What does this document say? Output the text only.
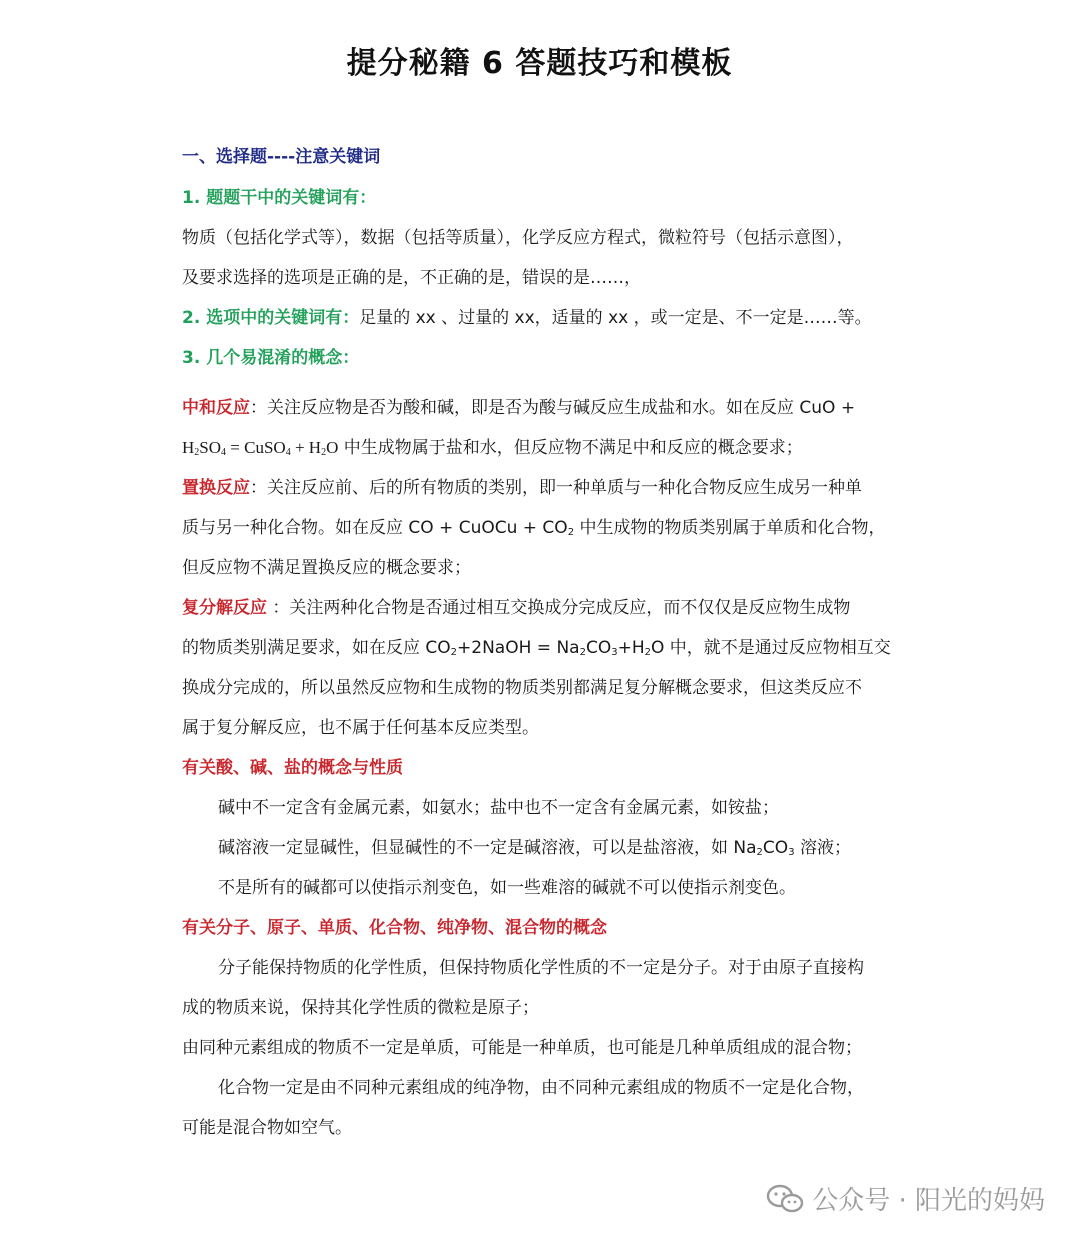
提分秘籍 6 答题技巧和模板
一、选择题----注意关键词
1. 题题干中的关键词有：
物质（包括化学式等），数据（包括等质量），化学反应方程式，微粒符号（包括示意图），
及要求选择的选项是正确的是，不正确的是，错误的是……，
2. 选项中的关键词有：足量的 xx 、过量的 xx，适量的 xx ，或一定是、不一定是……等。
3. 几个易混淆的概念：
中和反应：关注反应物是否为酸和碱，即是否为酸与碱反应生成盐和水。如在反应 CuO +
$H_2SO_4$ = CuSO$_4$ + $H_2O$ 中生成物属于盐和水，但反应物不满足中和反应的概念要求；
置换反应：关注反应前、后的所有物质的类别，即一种单质与一种化合物反应生成另一种单
质与另一种化合物。如在反应 CO + CuOCu + $CO_2$ 中生成物的物质类别属于单质和化合物，
但反应物不满足置换反应的概念要求；
复分解反应 ：关注两种化合物是否通过相互交换成分完成反应，而不仅仅是反应物生成物
的物质类别满足要求，如在反应 $CO_2+2NaOH = Na_2CO_3+H_2O$ 中，就不是通过反应物相互交
换成分完成的，所以虽然反应物和生成物的物质类别都满足复分解概念要求，但这类反应不
属于复分解反应，也不属于任何基本反应类型。
有关酸、碱、盐的概念与性质
碱中不一定含有金属元素，如氨水；盐中也不一定含有金属元素，如铵盐；
碱溶液一定显碱性，但显碱性的不一定是碱溶液，可以是盐溶液，如 $Na_2CO_3$ 溶液；
不是所有的碱都可以使指示剂变色，如一些难溶的碱就不可以使指示剂变色。
有关分子、原子、单质、化合物、纯净物、混合物的概念
分子能保持物质的化学性质，但保持物质化学性质的不一定是分子。对于由原子直接构
成的物质来说，保持其化学性质的微粒是原子；
由同种元素组成的物质不一定是单质，可能是一种单质，也可能是几种单质组成的混合物；
化合物一定是由不同种元素组成的纯净物，由不同种元素组成的物质不一定是化合物，
可能是混合物如空气。
公众号 · 阳光的妈妈
